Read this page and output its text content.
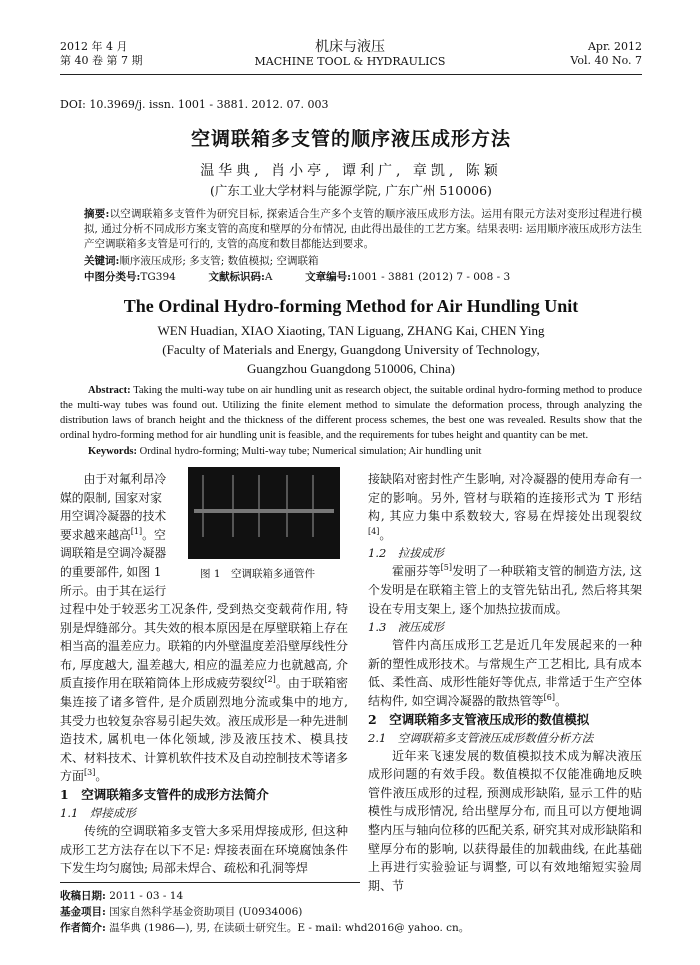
2012 年 4 月
第 40 卷 第 7 期
机床与液压
MACHINE TOOL & HYDRAULICS
Apr. 2012
Vol. 40 No. 7
DOI: 10.3969/j. issn. 1001 - 3881. 2012. 07. 003
空调联箱多支管的顺序液压成形方法
温华典, 肖小亭, 谭利广, 章凯, 陈颖
(广东工业大学材料与能源学院, 广东广州 510006)
摘要:以空调联箱多支管件为研究目标, 探索适合生产多个支管的顺序液压成形方法。运用有限元方法对变形过程进行模拟, 通过分析不同成形方案支管的高度和壁厚的分布情况, 由此得出最佳的工艺方案。结果表明: 运用顺序液压成形方法生产空调联箱多支管是可行的, 支管的高度和数目都能达到要求。
关键词:顺序液压成形; 多支管; 数值模拟; 空调联箱
中图分类号:TG394	文献标识码:A	文章编号:1001 - 3881 (2012) 7 - 008 - 3
The Ordinal Hydro-forming Method for Air Hundling Unit
WEN Huadian, XIAO Xiaoting, TAN Liguang, ZHANG Kai, CHEN Ying
(Faculty of Materials and Energy, Guangdong University of Technology,
Guangzhou Guangdong 510006, China)
Abstract: Taking the multi-way tube on air hundling unit as research object, the suitable ordinal hydro-forming method to produce the multi-way tubes was found out. Utilizing the finite element method to simulate the deformation process, through analyzing the distribution laws of branch height and the thickness of the different process schemes, the best one was revealed. Results show that the ordinal hydro-forming method for air hundling unit is feasible, and the requirements for tubes height and quantity can be met.
Keywords: Ordinal hydro-forming; Multi-way tube; Numerical simulation; Air hundling unit
图 1　空调联箱多通管件
由于对氟利昂冷
媒的限制, 国家对家
用空调冷凝器的技术
要求越来越高[1]。空
调联箱是空调冷凝器
的重要部件, 如图 1
所示。由于其在运行
过程中处于较恶劣工况条件, 受到热交变载荷作用, 特别是焊缝部分。其失效的根本原因是在厚壁联箱上存在相当高的温差应力。联箱的内外壁温度差沿壁厚线性分布, 厚度越大, 温差越大, 相应的温差应力也就越高, 介质直接作用在联箱筒体上形成疲劳裂纹[2]。由于联箱密集连接了诸多管件, 是介质剧烈地分流或集中的地方, 其受力也较复杂容易引起失效。液压成形是一种先进制造技术, 属机电一体化领域, 涉及液压技术、模具技术、材料技术、计算机软件技术及自动控制技术等诸多方面[3]。
1　空调联箱多支管件的成形方法简介
1.1　焊接成形

传统的空调联箱多支管大多采用焊接成形, 但这种成形工艺方法存在以下不足: 焊接表面在环境腐蚀条件下发生均匀腐蚀; 局部未焊合、疏松和孔洞等焊

接缺陷对密封性产生影响, 对冷凝器的使用寿命有一定的影响。另外, 管材与联箱的连接形式为 T 形结构, 其应力集中系数较大, 容易在焊接处出现裂纹[4]。
1.2　拉拔成形

霍丽芬等[5]发明了一种联箱支管的制造方法, 这个发明是在联箱主管上的支管先钻出孔, 然后将其架设在专用支架上, 逐个加热拉拔而成。

1.3　液压成形

管件内高压成形工艺是近几年发展起来的一种新的塑性成形技术。与常规生产工艺相比, 具有成本低、柔性高、成形性能好等优点, 非常适于生产空体结构件, 如空调冷凝器的散热管等[6]。

2　空调联箱多支管液压成形的数值模拟
2.1　空调联箱多支管液压成形数值分析方法

近年来飞速发展的数值模拟技术成为解决液压成形问题的有效手段。数值模拟不仅能准确地反映管件液压成形的过程, 预测成形缺陷, 显示工件的贴模性与成形情况, 给出壁厚分布, 而且可以方便地调整内压与轴向位移的匹配关系, 研究其对成形缺陷和壁厚分布的影响, 以获得最佳的加载曲线, 在此基础上再进行实验验证与调整, 可以有效地缩短实验周期、节

收稿日期: 2011 - 03 - 14
基金项目: 国家自然科学基金资助项目 (U0934006)
作者简介: 温华典 (1986—), 男, 在读硕士研究生。E - mail: whd2016@ yahoo. cn。
